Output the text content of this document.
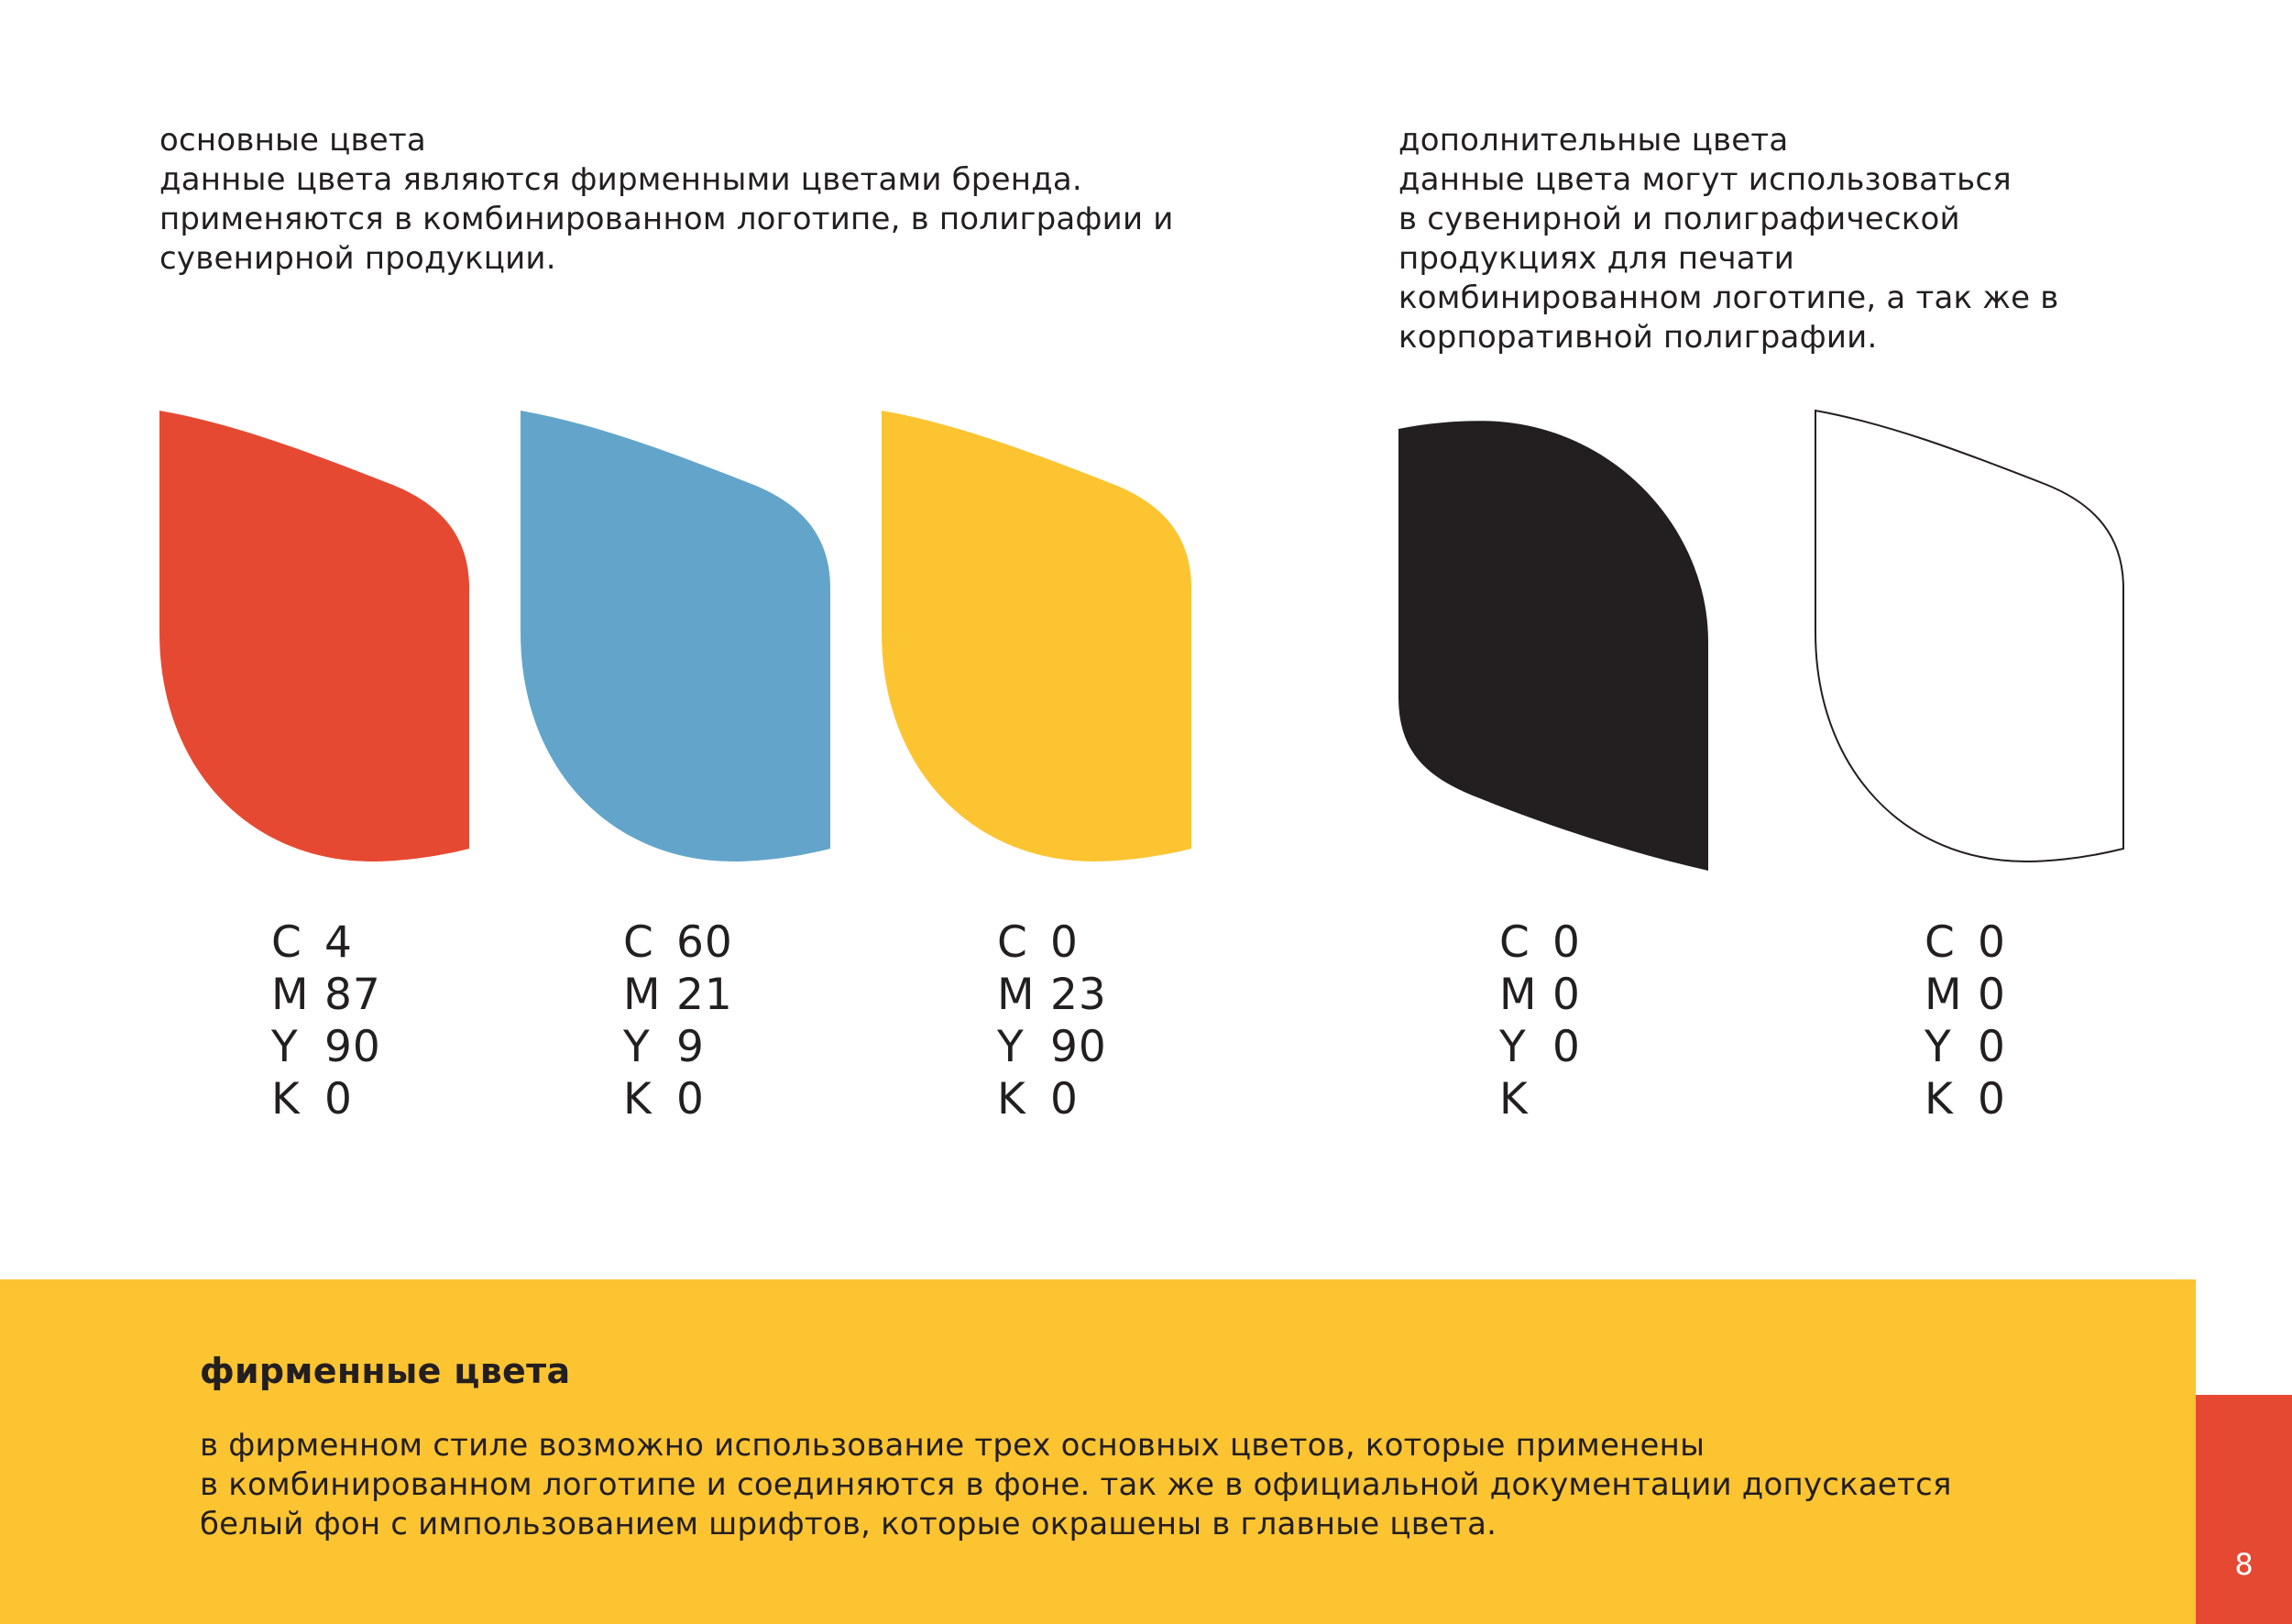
основные цвета
данные цвета являются фирменными цветами бренда.
применяются в комбинированном логотипе, в полиграфии и
сувенирной продукции.
дополнительные цвета
данные цвета могут использоваться
в сувенирной и полиграфической
продукциях для печати
комбинированном логотипе, а так же в
корпоративной полиграфии.
C 4
M 87
Y 90
K 0
C 60
M 21
Y 9
K 0
C 0
M 23
Y 90
K 0
C 0
M 0
Y 0
K
C 0
M 0
Y 0
K 0
фирменные цвета
в фирменном стиле возможно использование трех основных цветов, которые применены
в комбинированном логотипе и соединяются в фоне. так же в официальной документации допускается
белый фон с импользованием шрифтов, которые окрашены в главные цвета.
8
